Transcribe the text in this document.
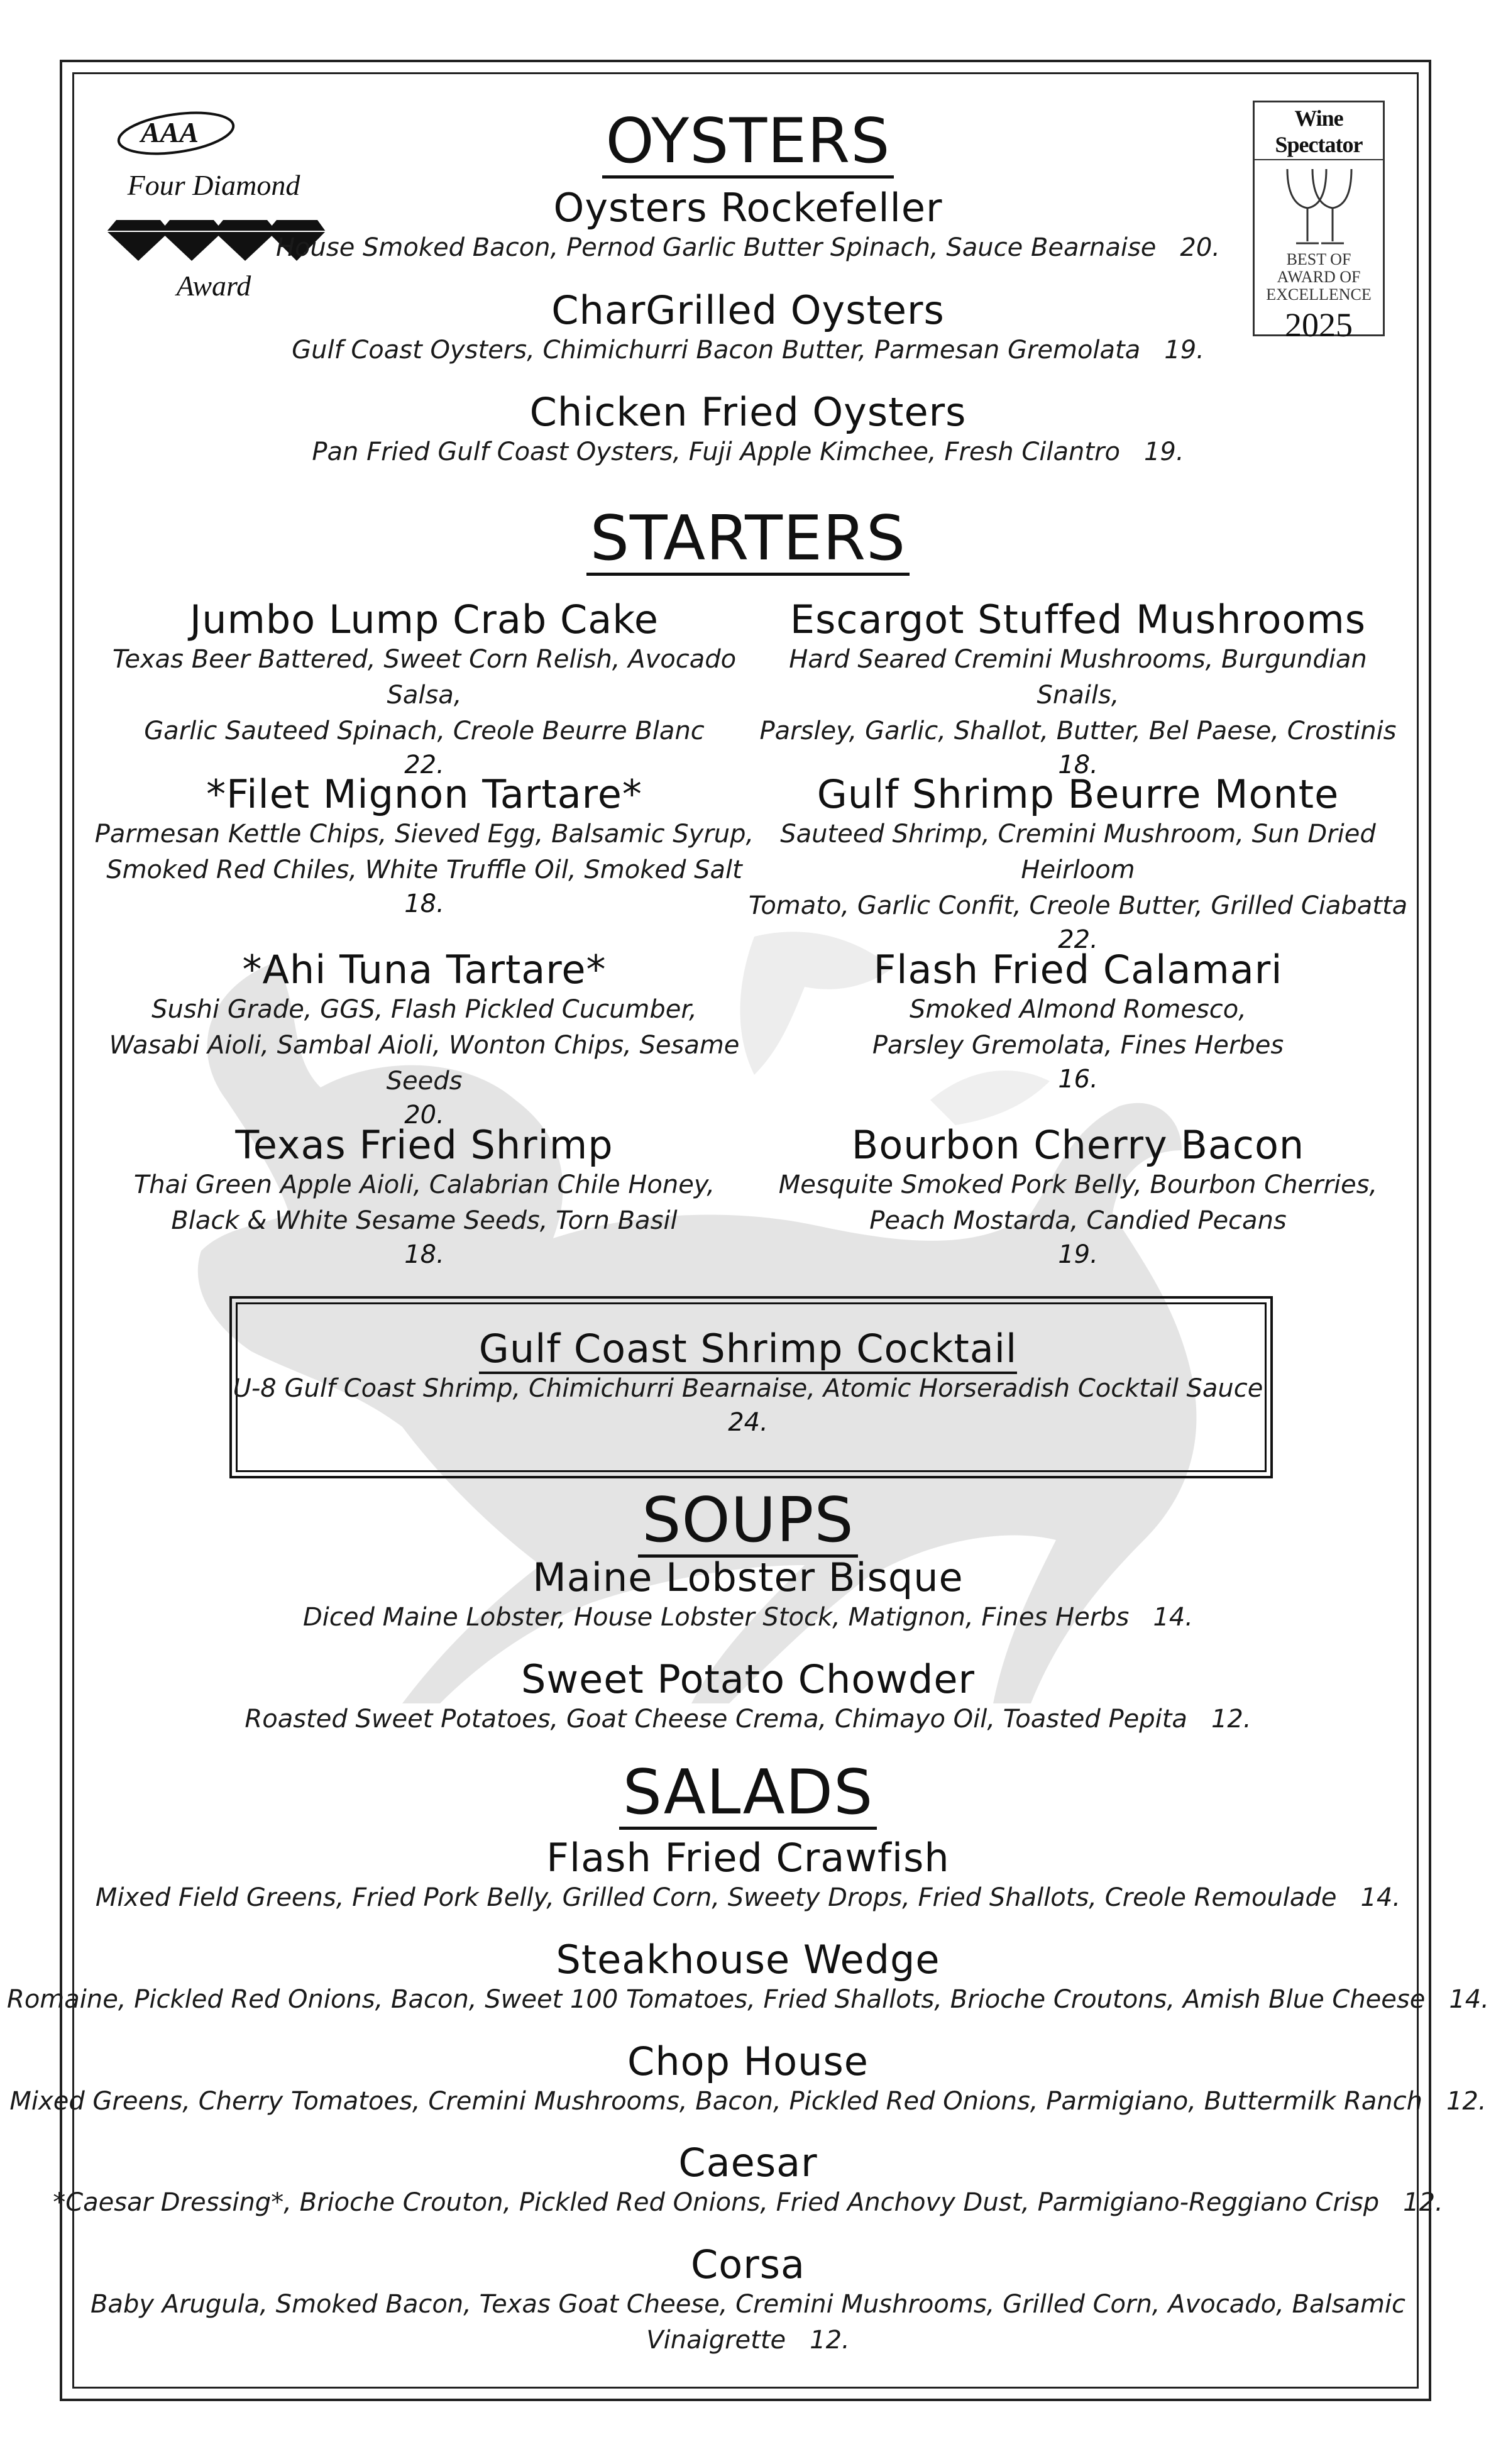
AAA
Four Diamond
Award
Wine Spectator
BEST OF
AWARD OF
EXCELLENCE
2025
OYSTERS
Oysters Rockefeller
House Smoked Bacon, Pernod Garlic Butter Spinach, Sauce Bearnaise 20.
CharGrilled Oysters
Gulf Coast Oysters, Chimichurri Bacon Butter, Parmesan Gremolata 19.
Chicken Fried Oysters
Pan Fried Gulf Coast Oysters, Fuji Apple Kimchee, Fresh Cilantro 19.
STARTERS
Jumbo Lump Crab Cake
Texas Beer Battered, Sweet Corn Relish, Avocado Salsa,
Garlic Sauteed Spinach, Creole Beurre Blanc
22.
*Filet Mignon Tartare*
Parmesan Kettle Chips, Sieved Egg, Balsamic Syrup,
Smoked Red Chiles, White Truffle Oil, Smoked Salt
18.
*Ahi Tuna Tartare*
Sushi Grade, GGS, Flash Pickled Cucumber,
Wasabi Aioli, Sambal Aioli, Wonton Chips, Sesame Seeds
20.
Texas Fried Shrimp
Thai Green Apple Aioli, Calabrian Chile Honey,
Black & White Sesame Seeds, Torn Basil
18.
Escargot Stuffed Mushrooms
Hard Seared Cremini Mushrooms, Burgundian Snails,
Parsley, Garlic, Shallot, Butter, Bel Paese, Crostinis
18.
Gulf Shrimp Beurre Monte
Sauteed Shrimp, Cremini Mushroom, Sun Dried Heirloom
Tomato, Garlic Confit, Creole Butter, Grilled Ciabatta
22.
Flash Fried Calamari
Smoked Almond Romesco,
Parsley Gremolata, Fines Herbes
16.
Bourbon Cherry Bacon
Mesquite Smoked Pork Belly, Bourbon Cherries,
Peach Mostarda, Candied Pecans
19.
Gulf Coast Shrimp Cocktail
U-8 Gulf Coast Shrimp, Chimichurri Bearnaise, Atomic Horseradish Cocktail Sauce
24.
SOUPS
Maine Lobster Bisque
Diced Maine Lobster, House Lobster Stock, Matignon, Fines Herbs 14.
Sweet Potato Chowder
Roasted Sweet Potatoes, Goat Cheese Crema, Chimayo Oil, Toasted Pepita 12.
SALADS
Flash Fried Crawfish
Mixed Field Greens, Fried Pork Belly, Grilled Corn, Sweety Drops, Fried Shallots, Creole Remoulade 14.
Steakhouse Wedge
Romaine, Pickled Red Onions, Bacon, Sweet 100 Tomatoes, Fried Shallots, Brioche Croutons, Amish Blue Cheese 14.
Chop House
Mixed Greens, Cherry Tomatoes, Cremini Mushrooms, Bacon, Pickled Red Onions, Parmigiano, Buttermilk Ranch 12.
Caesar
*Caesar Dressing*, Brioche Crouton, Pickled Red Onions, Fried Anchovy Dust, Parmigiano-Reggiano Crisp 12.
Corsa
Baby Arugula, Smoked Bacon, Texas Goat Cheese, Cremini Mushrooms, Grilled Corn, Avocado, Balsamic Vinaigrette 12.
